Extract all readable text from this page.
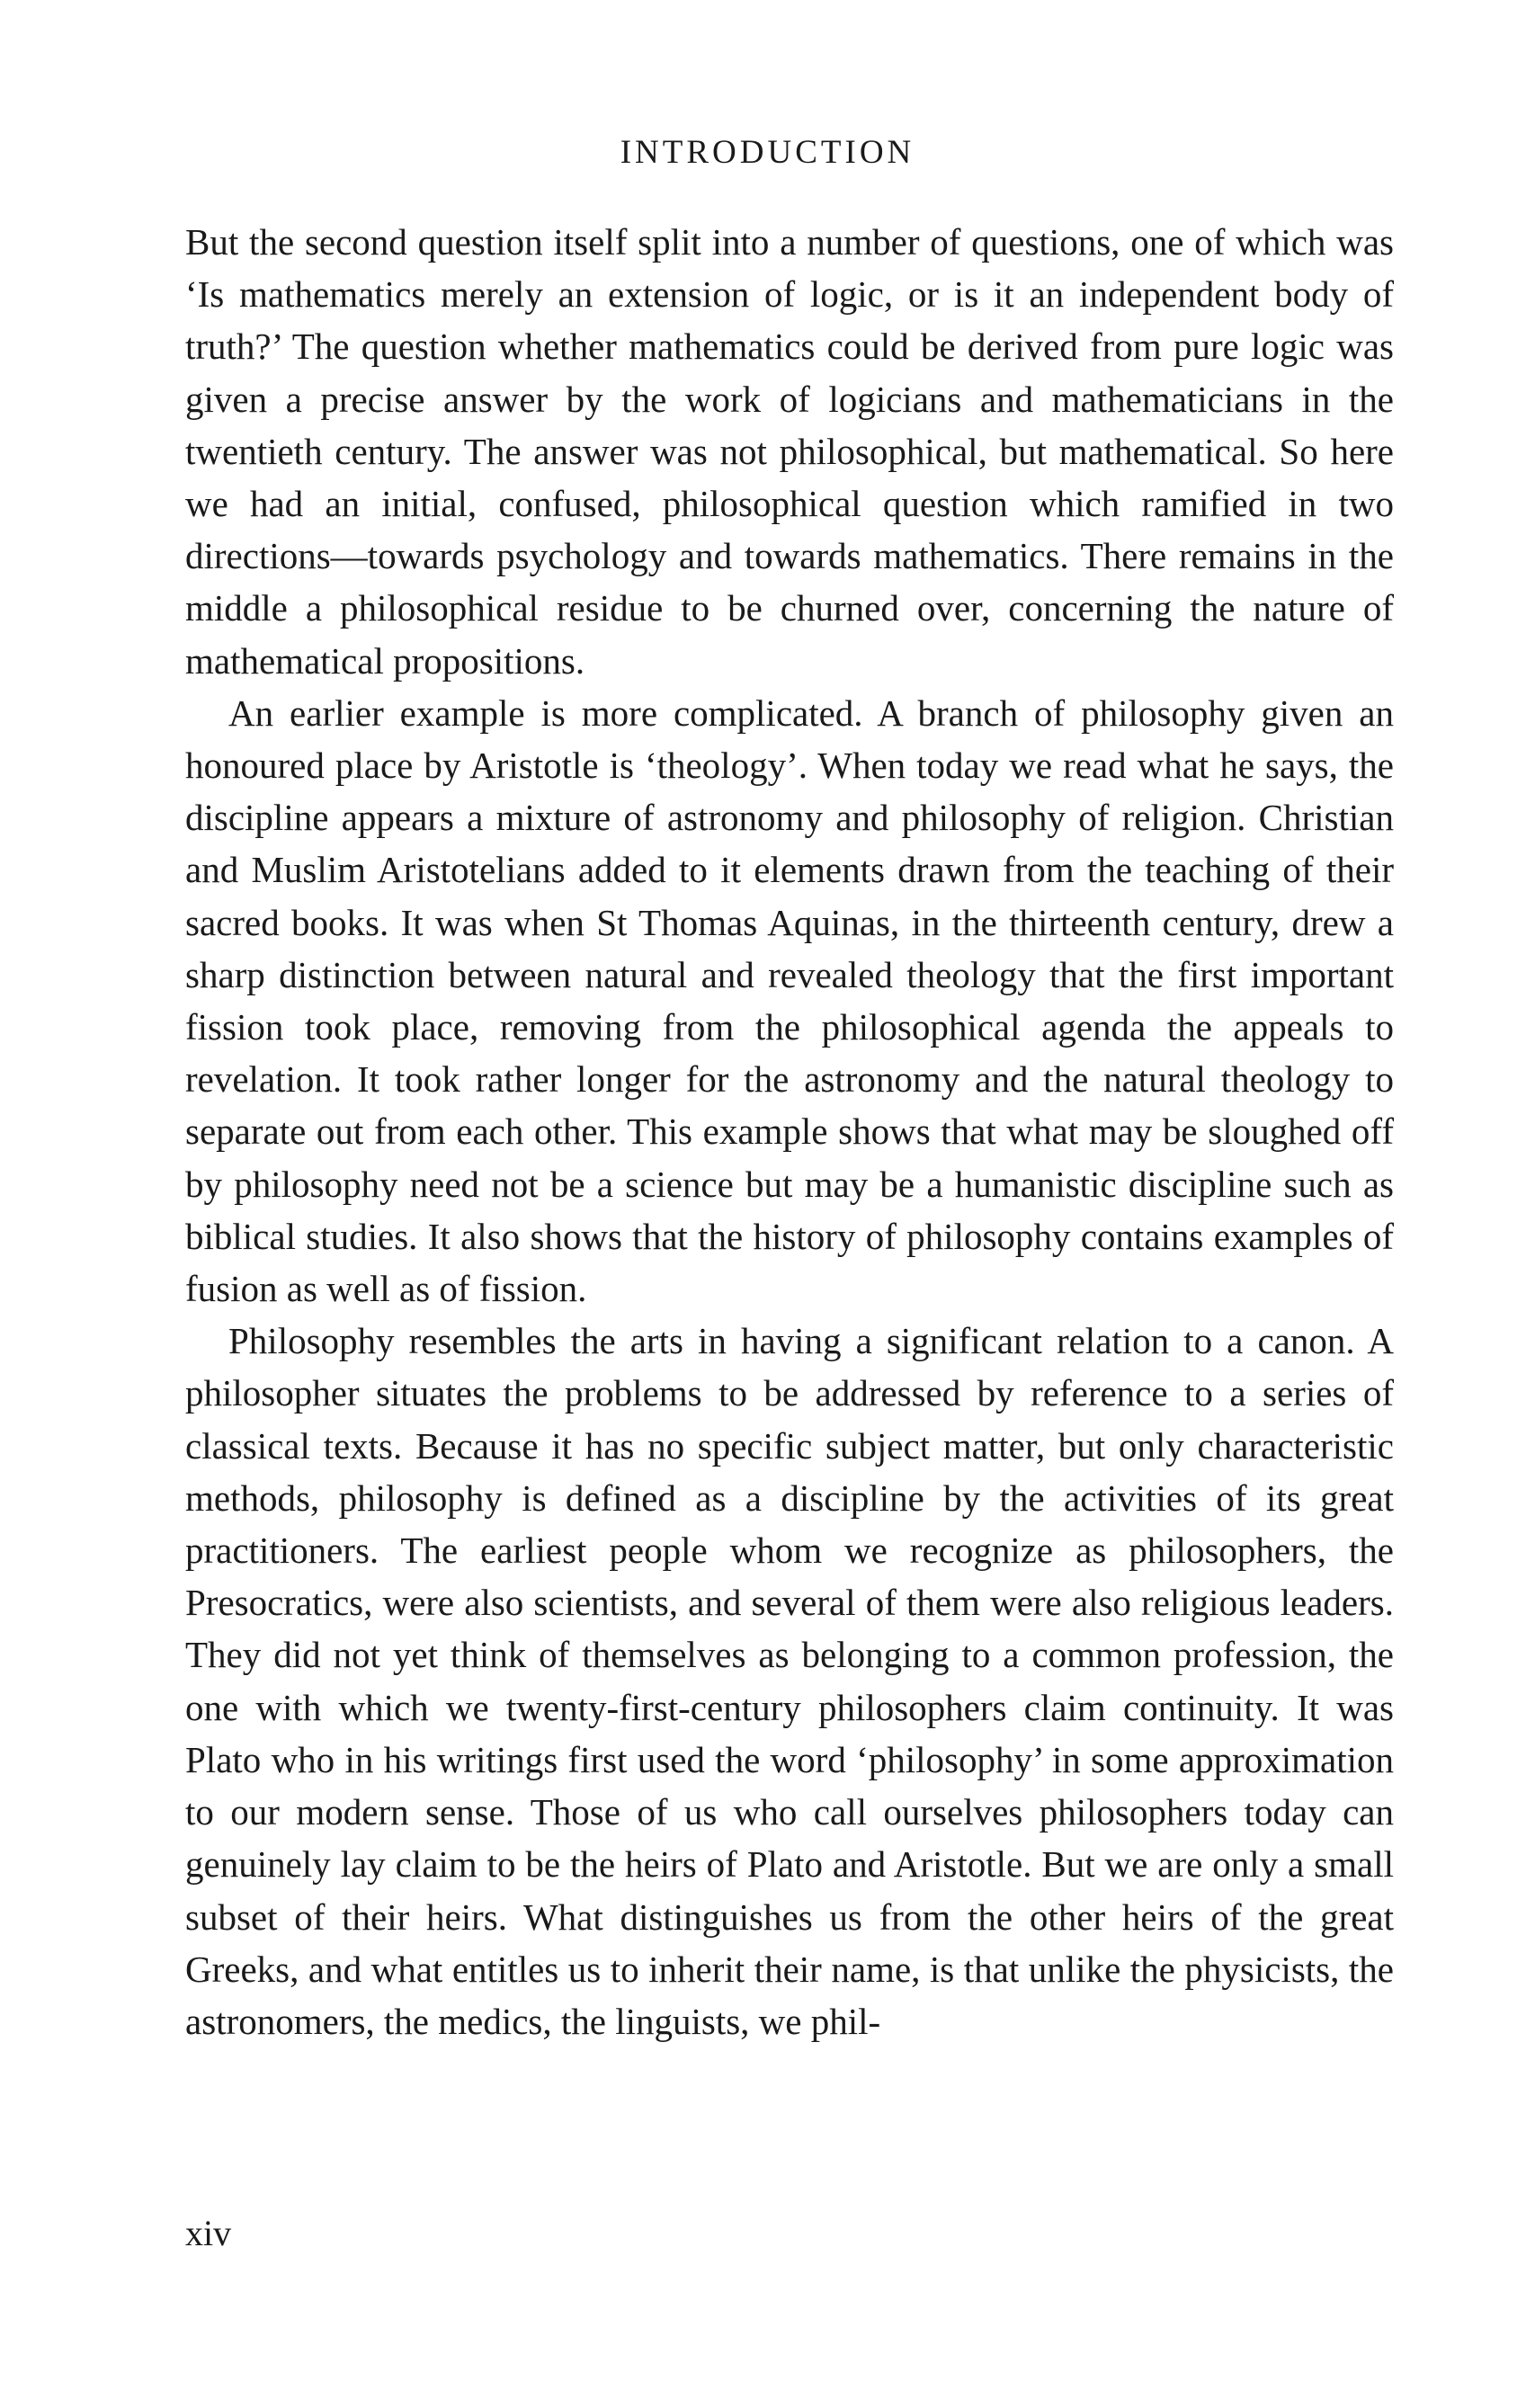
INTRODUCTION

But the second question itself split into a number of questions, one of which was ‘Is mathematics merely an extension of logic, or is it an independent body of truth?’ The question whether mathematics could be derived from pure logic was given a precise answer by the work of logicians and mathematicians in the twentieth century. The answer was not philosophical, but mathematical. So here we had an initial, confused, philosophical question which ramified in two directions—towards psychology and towards mathematics. There remains in the middle a philosophical residue to be churned over, concerning the nature of mathematical propositions.

An earlier example is more complicated. A branch of philosophy given an honoured place by Aristotle is ‘theology’. When today we read what he says, the discipline appears a mixture of astronomy and philosophy of religion. Christian and Muslim Aristotelians added to it elements drawn from the teaching of their sacred books. It was when St Thomas Aquinas, in the thirteenth century, drew a sharp distinction between natural and revealed theology that the first important fission took place, removing from the philosophical agenda the appeals to revelation. It took rather longer for the astronomy and the natural theology to separate out from each other. This example shows that what may be sloughed off by philosophy need not be a science but may be a humanistic discipline such as biblical studies. It also shows that the history of philosophy contains examples of fusion as well as of fission.

Philosophy resembles the arts in having a significant relation to a canon. A philosopher situates the problems to be addressed by reference to a series of classical texts. Because it has no specific subject matter, but only characteristic methods, philosophy is defined as a discipline by the activities of its great practitioners. The earliest people whom we recognize as philosophers, the Presocratics, were also scientists, and several of them were also religious leaders. They did not yet think of themselves as belonging to a common profession, the one with which we twenty-first-century philosophers claim continuity. It was Plato who in his writings first used the word ‘philosophy’ in some approximation to our modern sense. Those of us who call ourselves philosophers today can genuinely lay claim to be the heirs of Plato and Aristotle. But we are only a small subset of their heirs. What distinguishes us from the other heirs of the great Greeks, and what entitles us to inherit their name, is that unlike the physicists, the astronomers, the medics, the linguists, we phil-

xiv
